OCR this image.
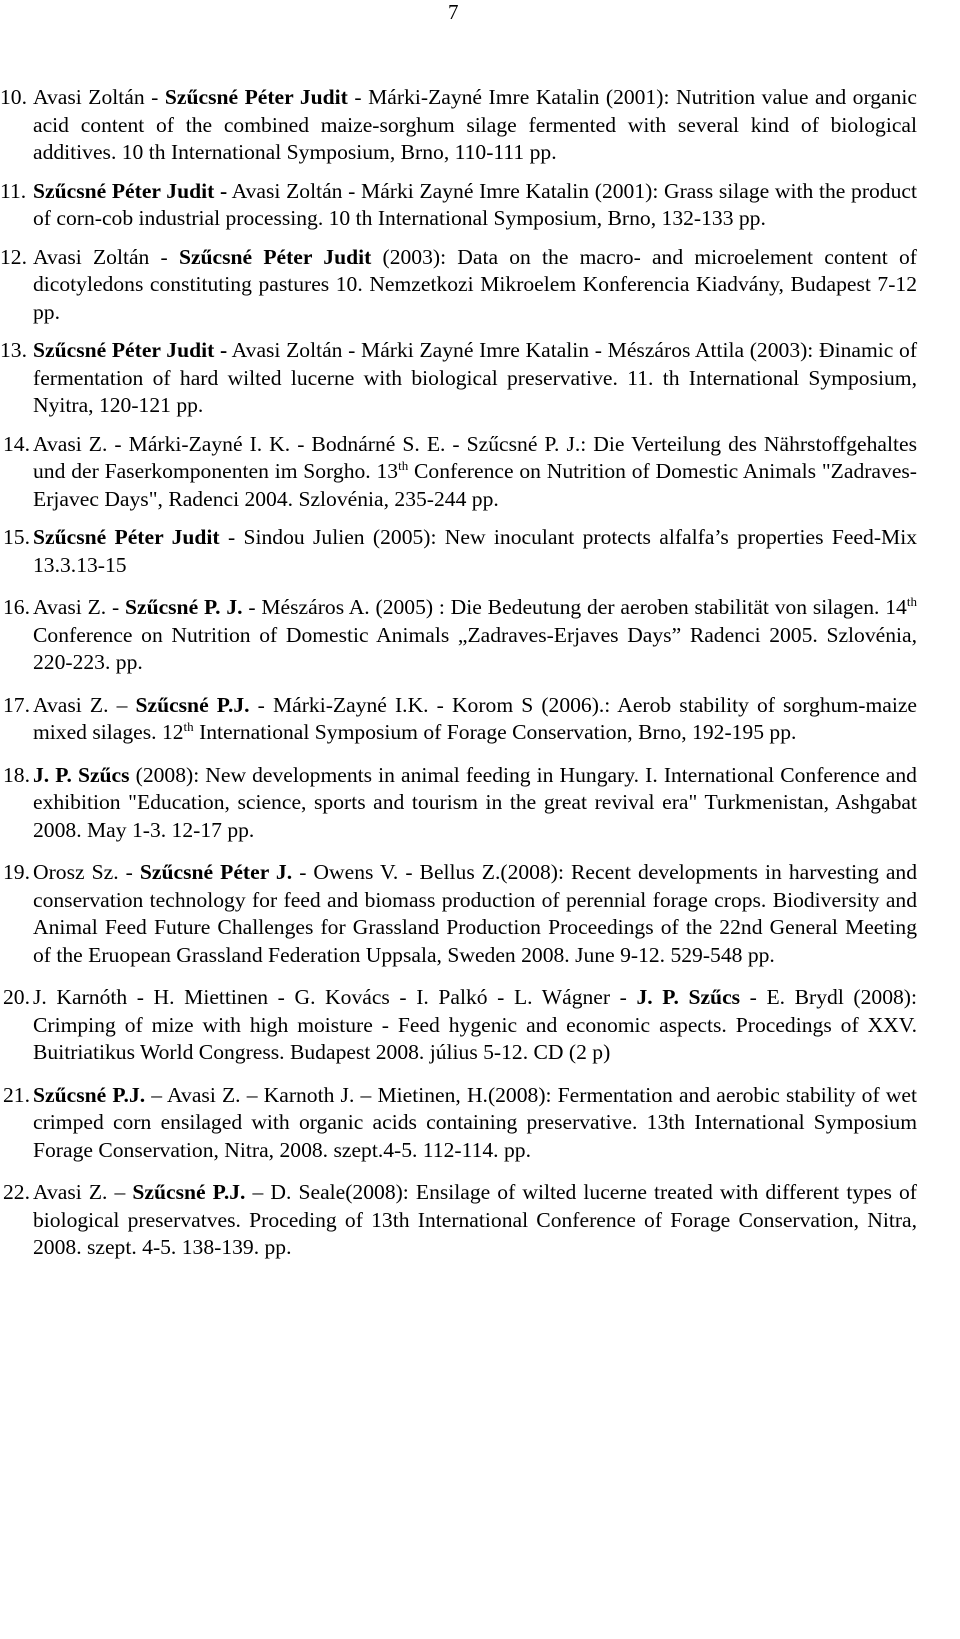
7
10. Avasi Zoltán - Szűcsné Péter Judit - Márki-Zayné Imre Katalin (2001): Nutrition value and organic acid content of the combined maize-sorghum silage fermented with several kind of biological additives. 10 th International Symposium, Brno, 110-111 pp.
11. Szűcsné Péter Judit - Avasi Zoltán - Márki Zayné Imre Katalin (2001): Grass silage with the product of corn-cob industrial processing. 10 th International Symposium, Brno, 132-133 pp.
12. Avasi Zoltán - Szűcsné Péter Judit (2003): Data on the macro- and microelement content of dicotyledons constituting pastures 10. Nemzetkozi Mikroelem Konferencia Kiadvány, Budapest 7-12 pp.
13. Szűcsné Péter Judit - Avasi Zoltán - Márki Zayné Imre Katalin - Mészáros Attila (2003): Đinamic of fermentation of hard wilted lucerne with biological preservative. 11. th International Symposium, Nyitra, 120-121 pp.
14. Avasi Z. - Márki-Zayné I. K. - Bodnárné S. E. - Szűcsné P. J.: Die Verteilung des Nährstoffgehaltes und der Faserkomponenten im Sorgho. 13th Conference on Nutrition of Domestic Animals "Zadraves-Erjavec Days", Radenci 2004. Szlovénia, 235-244 pp.
15. Szűcsné Péter Judit - Sindou Julien (2005): New inoculant protects alfalfa’s properties Feed-Mix 13.3.13-15
16. Avasi Z. - Szűcsné P. J. - Mészáros A. (2005) : Die Bedeutung der aeroben stabilität von silagen. 14th Conference on Nutrition of Domestic Animals „Zadraves-Erjaves Days” Radenci 2005. Szlovénia, 220-223. pp.
17. Avasi Z. – Szűcsné P.J. - Márki-Zayné I.K. - Korom S (2006).: Aerob stability of sorghum-maize mixed silages. 12th International Symposium of Forage Conservation, Brno, 192-195 pp.
18. J. P. Szűcs (2008): New developments in animal feeding in Hungary. I. International Conference and exhibition "Education, science, sports and tourism in the great revival era" Turkmenistan, Ashgabat 2008. May 1-3. 12-17 pp.
19. Orosz Sz. - Szűcsné Péter J. - Owens V. - Bellus Z.(2008): Recent developments in harvesting and conservation technology for feed and biomass production of perennial forage crops. Biodiversity and Animal Feed Future Challenges for Grassland Production Proceedings of the 22nd General Meeting of the Eruopean Grassland Federation Uppsala, Sweden 2008. June 9-12. 529-548 pp.
20. J. Karnóth - H. Miettinen - G. Kovács - I. Palkó - L. Wágner - J. P. Szűcs - E. Brydl (2008): Crimping of mize with high moisture - Feed hygenic and economic aspects. Procedings of XXV. Buitriatikus World Congress. Budapest 2008. július 5-12. CD (2 p)
21. Szűcsné P.J. – Avasi Z. – Karnoth J. – Mietinen, H.(2008): Fermentation and aerobic stability of wet crimped corn ensilaged with organic acids containing preservative. 13th International Symposium Forage Conservation, Nitra, 2008. szept.4-5. 112-114. pp.
22. Avasi Z. – Szűcsné P.J. – D. Seale(2008): Ensilage of wilted lucerne treated with different types of biological preservatves. Proceding of 13th International Conference of Forage Conservation, Nitra, 2008. szept. 4-5. 138-139. pp.
